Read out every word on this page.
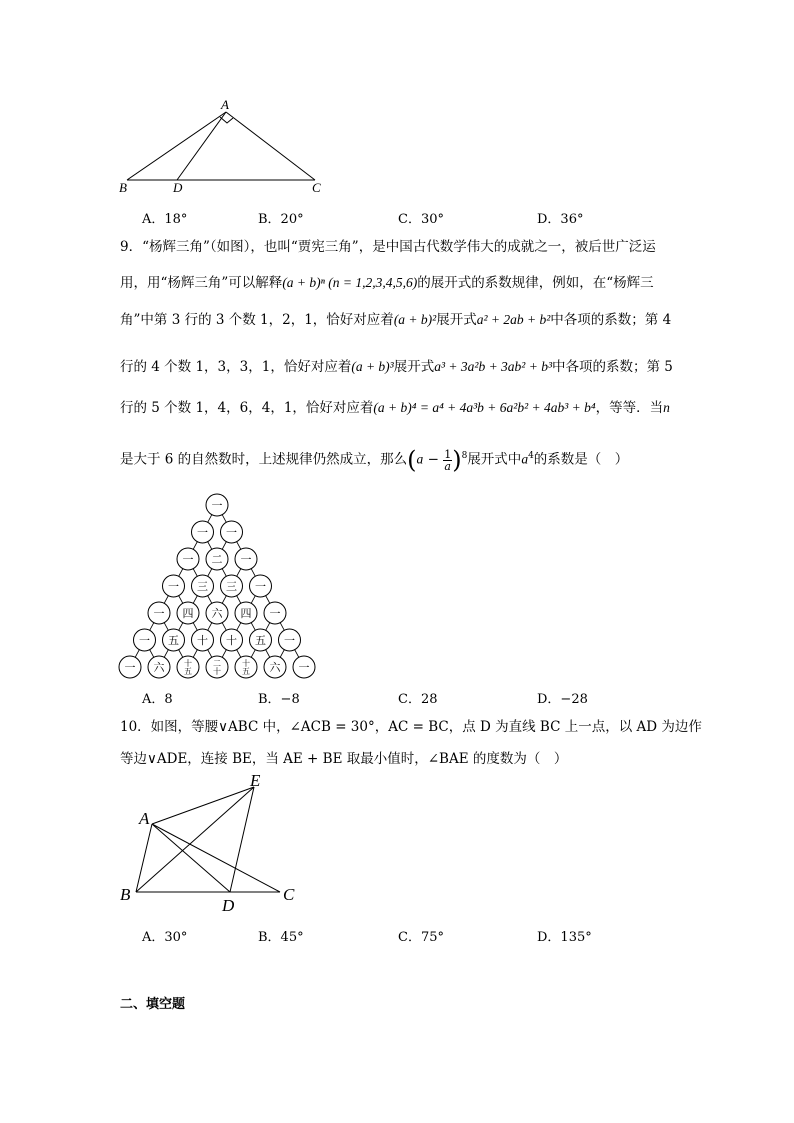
A
B	D	C
A．18°	B．20°	C．30°	D．36°
9．“杨辉三角”（如图），也叫“贾宪三角”，是中国古代数学伟大的成就之一，被后世广泛运
用，用“杨辉三角”可以解释(a + b)ⁿ (n = 1,2,3,4,5,6)的展开式的系数规律，例如，在“杨辉三
角”中第 3 行的 3 个数 1，2，1，恰好对应着(a + b)²展开式a² + 2ab + b²中各项的系数；第 4
行的 4 个数 1，3，3，1，恰好对应着(a + b)³展开式a³ + 3a²b + 3ab² + b³中各项的系数；第 5
行的 5 个数 1，4，6，4，1，恰好对应着(a + b)⁴ = a⁴ + 4a³b + 6a²b² + 4ab³ + b⁴，等等．当n
是大于 6 的自然数时，上述规律仍然成立，那么$(a - \frac{1}{a} )^8$展开式中$a^4$的系数是（　）
一
一 一
一 二 一
一 三 三 一
一 四 六 四 一
一 五 十 十 五 一
一 六 十
五
二
十
十
五 六 一
A．8	B．−8	C．28	D．−28
10．如图，等腰∨ABC 中，∠ACB = 30°，AC = BC，点 D 为直线 BC 上一点，以 AD 为边作
等边∨ADE，连接 BE，当 AE + BE 取最小值时，∠BAE 的度数为（　）
E
A
B
D
C
A．30°	B．45°	C．75°	D．135°
二、填空题
